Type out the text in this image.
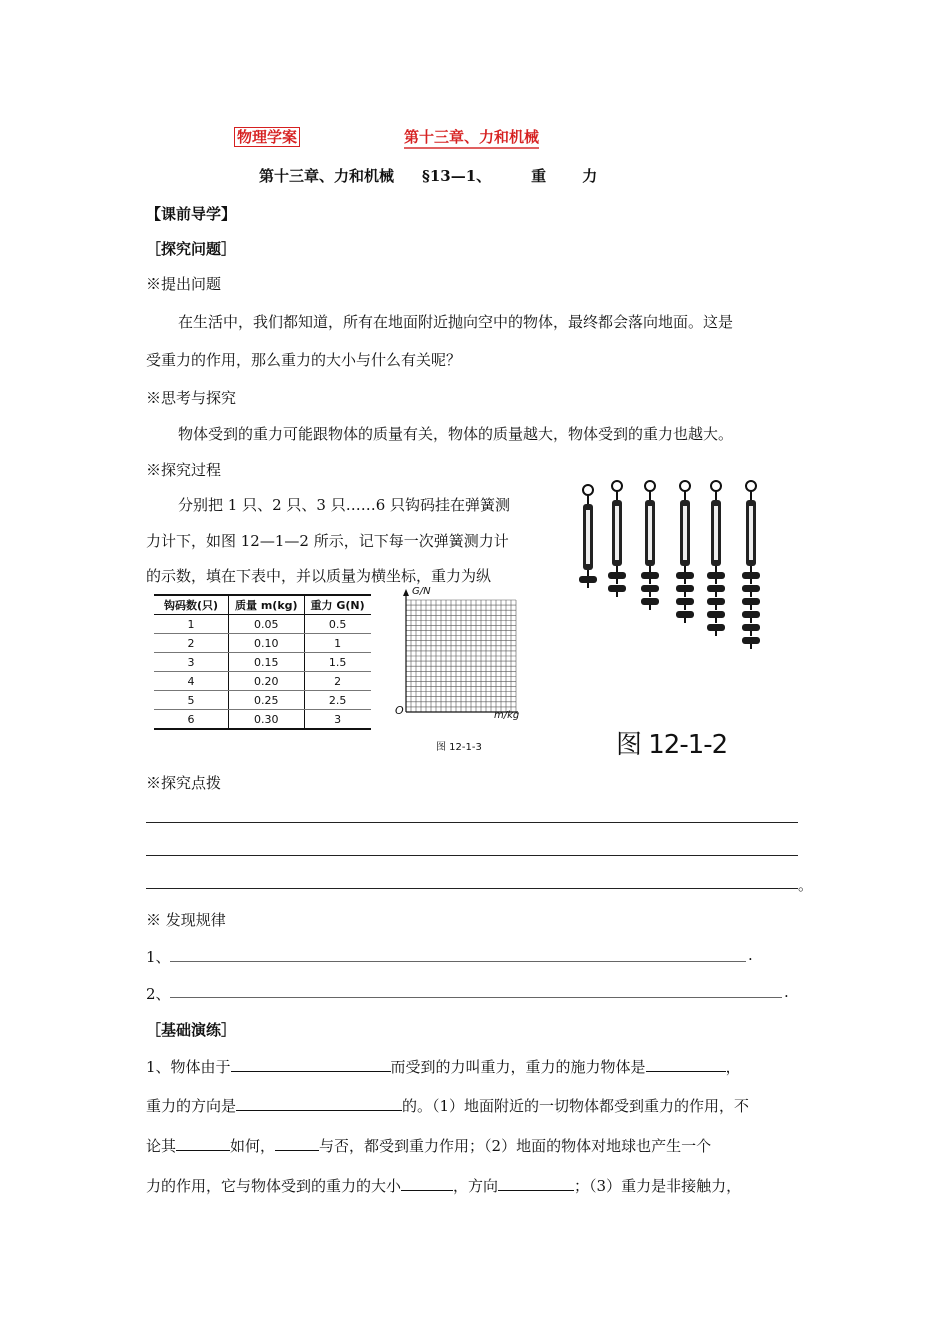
物理学案	第十三章、力和机械
第十三章、力和机械 §13—1、	重 力
【课前导学】
［探究问题］
※提出问题
在生活中，我们都知道，所有在地面附近抛向空中的物体，最终都会落向地面。这是
受重力的作用，那么重力的大小与什么有关呢？
※思考与探究
物体受到的重力可能跟物体的质量有关，物体的质量越大，物体受到的重力也越大。
※探究过程
分别把 1 只、2 只、3 只……6 只钩码挂在弹簧测
力计下，如图 12—1—2 所示，记下每一次弹簧测力计
的示数，填在下表中，并以质量为横坐标，重力为纵
钩码数(只)	质量 m(kg)	重力 G(N)
1	0.05	0.5
2	0.10	1
3	0.15	1.5
4	0.20	2
5	0.25	2.5
6	0.30	3
G/N
m/kg
O
图 12-1-3	图 12-1-2
※探究点拨
。
※ 发现规律
1、	.
2、	.
［基础演练］
1、物体由于	而受到的力叫重力，重力的施力物体是	，
重力的方向是	的。（1）地面附近的一切物体都受到重力的作用，不
论其	如何，	与否，都受到重力作用；（2）地面的物体对地球也产生一个
力的作用，它与物体受到的重力的大小	，方向	；（3）重力是非接触力，
